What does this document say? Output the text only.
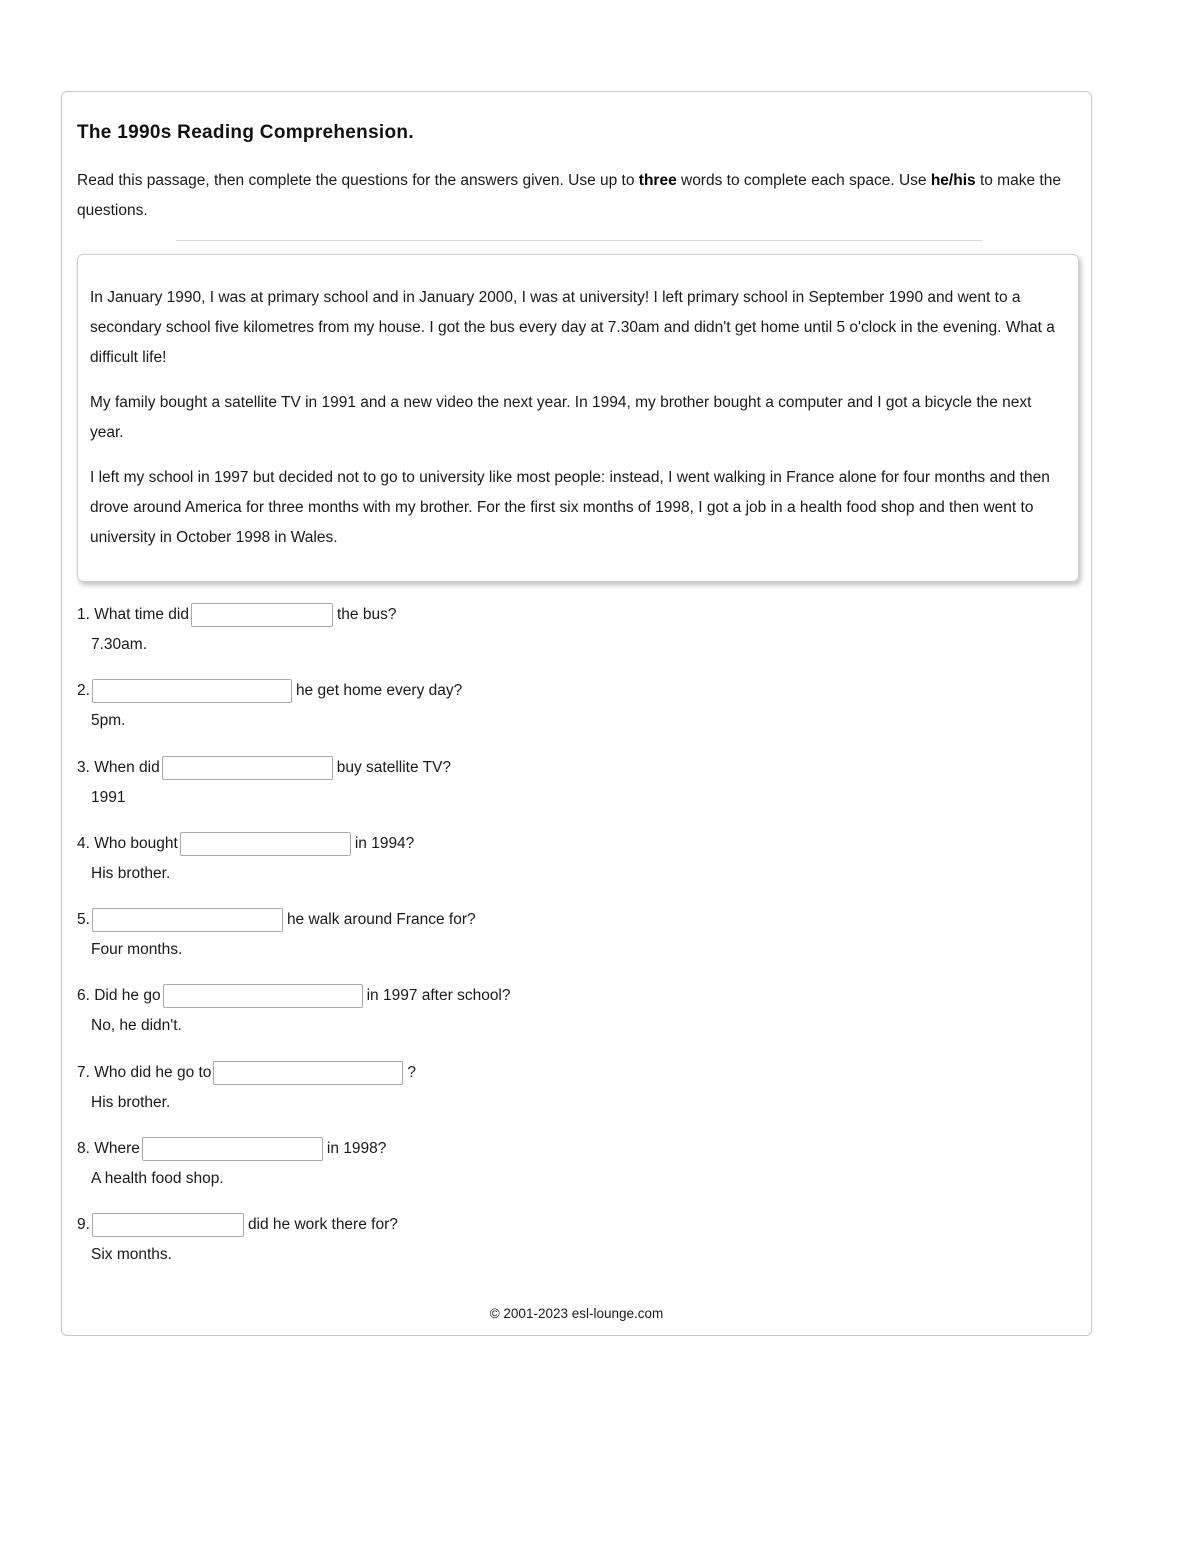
The 1990s Reading Comprehension.

Read this passage, then complete the questions for the answers given. Use up to three words to complete each space. Use he/his to make the questions.

In January 1990, I was at primary school and in January 2000, I was at university! I left primary school in September 1990 and went to a secondary school five kilometres from my house. I got the bus every day at 7.30am and didn't get home until 5 o'clock in the evening. What a difficult life!

My family bought a satellite TV in 1991 and a new video the next year. In 1994, my brother bought a computer and I got a bicycle the next year.

I left my school in 1997 but decided not to go to university like most people: instead, I went walking in France alone for four months and then drove around America for three months with my brother. For the first six months of 1998, I got a job in a health food shop and then went to university in October 1998 in Wales.

1. What time did	the bus?
7.30am.
2.	he get home every day?
5pm.
3. When did	buy satellite TV?
1991
4. Who bought	in 1994?
His brother.
5.	he walk around France for?
Four months.
6. Did he go	in 1997 after school?
No, he didn't.
7. Who did he go to	?
His brother.
8. Where	in 1998?
A health food shop.
9.	did he work there for?
Six months.
© 2001-2023 esl-lounge.com
